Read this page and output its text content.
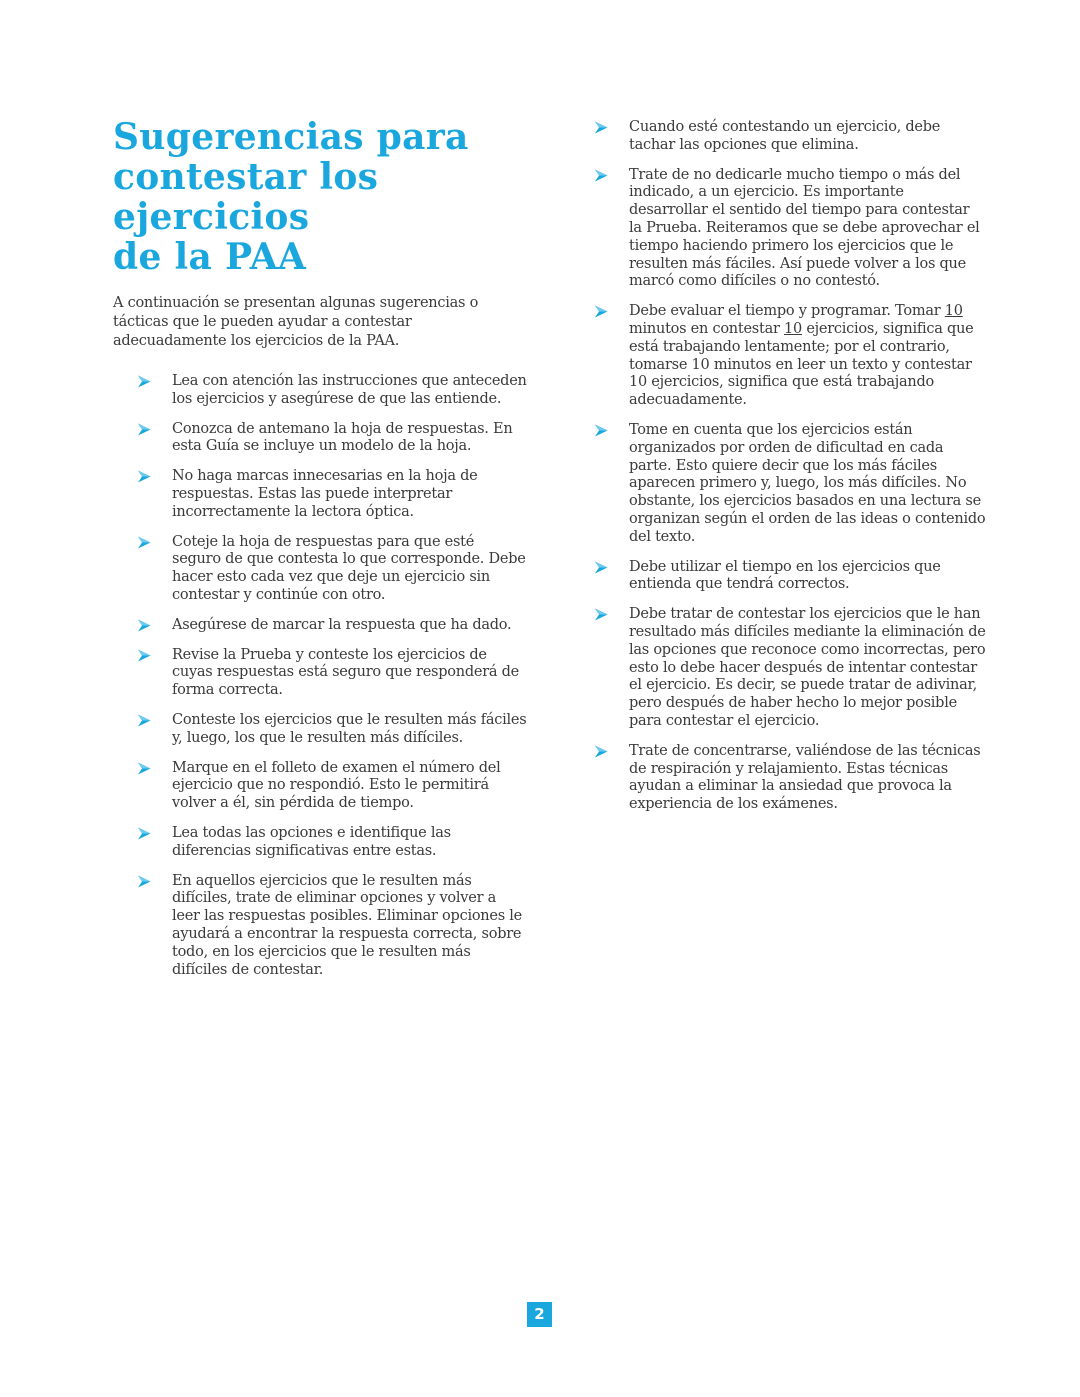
Sugerencias para
contestar los
ejercicios
de la PAA

A continuación se presentan algunas sugerencias o tácticas que le pueden ayudar a contestar adecuadamente los ejercicios de la PAA.

Lea con atención las instrucciones que anteceden los ejercicios y asegúrese de que las entiende.
Conozca de antemano la hoja de respuestas. En esta Guía se incluye un modelo de la hoja.
No haga marcas innecesarias en la hoja de respuestas. Estas las puede interpretar incorrectamente la lectora óptica.
Coteje la hoja de respuestas para que esté seguro de que contesta lo que corresponde. Debe hacer esto cada vez que deje un ejercicio sin contestar y continúe con otro.
Asegúrese de marcar la respuesta que ha dado.
Revise la Prueba y conteste los ejercicios de cuyas respuestas está seguro que responderá de forma correcta.
Conteste los ejercicios que le resulten más fáciles y, luego, los que le resulten más difíciles.
Marque en el folleto de examen el número del ejercicio que no respondió. Esto le permitirá volver a él, sin pérdida de tiempo.
Lea todas las opciones e identifique las diferencias significativas entre estas.
En aquellos ejercicios que le resulten más difíciles, trate de eliminar opciones y volver a leer las respuestas posibles. Eliminar opciones le ayudará a encontrar la respuesta correcta, sobre todo, en los ejercicios que le resulten más difíciles de contestar.
Cuando esté contestando un ejercicio, debe tachar las opciones que elimina.
Trate de no dedicarle mucho tiempo o más del indicado, a un ejercicio. Es importante desarrollar el sentido del tiempo para contestar la Prueba. Reiteramos que se debe aprovechar el tiempo haciendo primero los ejercicios que le resulten más fáciles. Así puede volver a los que marcó como difíciles o no contestó.
Debe evaluar el tiempo y programar. Tomar 10 minutos en contestar 10 ejercicios, significa que está trabajando lentamente; por el contrario, tomarse 10 minutos en leer un texto y contestar 10 ejercicios, significa que está trabajando adecuadamente.
Tome en cuenta que los ejercicios están organizados por orden de dificultad en cada parte. Esto quiere decir que los más fáciles aparecen primero y, luego, los más difíciles. No obstante, los ejercicios basados en una lectura se organizan según el orden de las ideas o contenido del texto.
Debe utilizar el tiempo en los ejercicios que entienda que tendrá correctos.
Debe tratar de contestar los ejercicios que le han resultado más difíciles mediante la eliminación de las opciones que reconoce como incorrectas, pero esto lo debe hacer después de intentar contestar el ejercicio. Es decir, se puede tratar de adivinar, pero después de haber hecho lo mejor posible para contestar el ejercicio.
Trate de concentrarse, valiéndose de las técnicas de respiración y relajamiento. Estas técnicas ayudan a eliminar la ansiedad que provoca la experiencia de los exámenes.
2
